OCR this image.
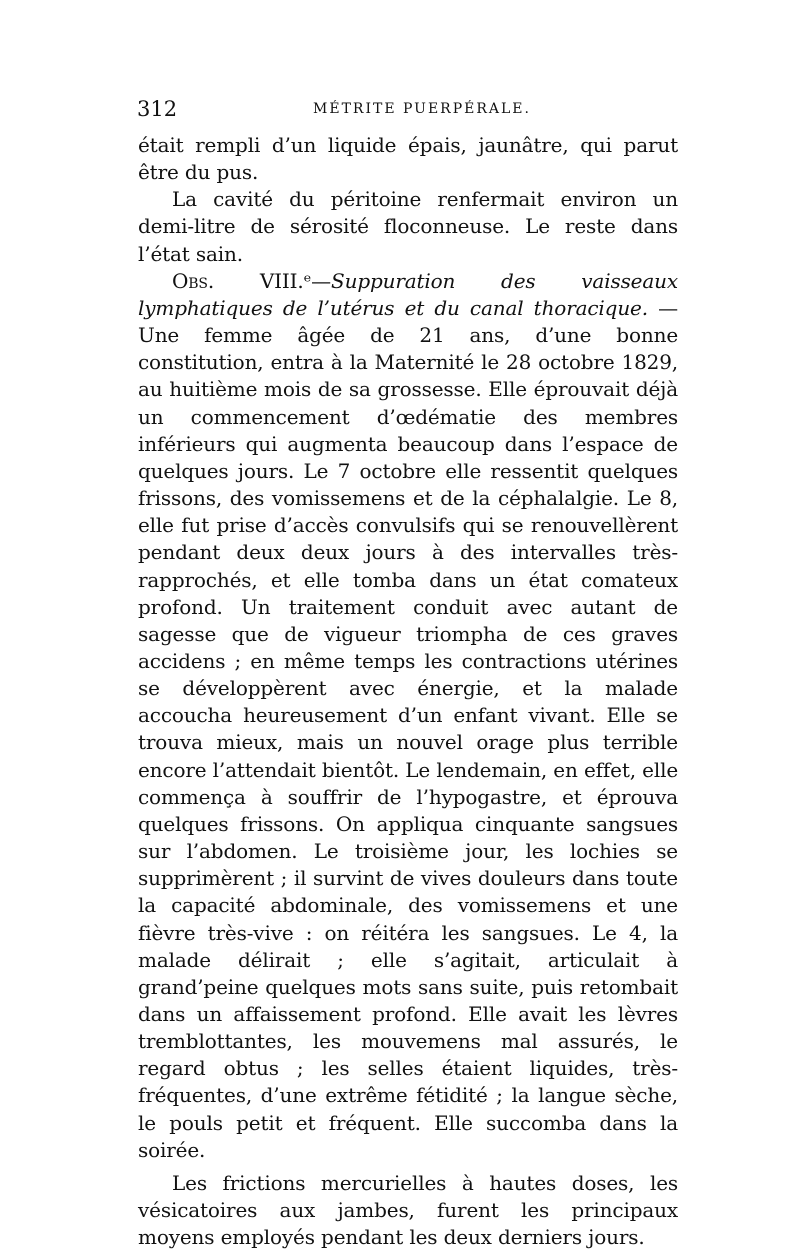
312	MÉTRITE PUERPÉRALE.

était rempli d’un liquide épais, jaunâtre, qui parut être du pus.

La cavité du péritoine renfermait environ un demi-litre de sérosité floconneuse. Le reste dans l’état sain.

Obs. VIII.ᵉ—Suppuration des vaisseaux lymphatiques de l’utérus et du canal thoracique. — Une femme âgée de 21 ans, d’une bonne constitution, entra à la Maternité le 28 octobre 1829, au huitième mois de sa grossesse. Elle éprouvait déjà un commencement d’œdématie des membres inférieurs qui augmenta beaucoup dans l’espace de quelques jours. Le 7 octobre elle ressentit quelques frissons, des vomissemens et de la céphalalgie. Le 8, elle fut prise d’accès convulsifs qui se renouvellèrent pendant deux deux jours à des intervalles très-rapprochés, et elle tomba dans un état comateux profond. Un traitement conduit avec autant de sagesse que de vigueur triompha de ces graves accidens ; en même temps les contractions utérines se développèrent avec énergie, et la malade accoucha heureusement d’un enfant vivant. Elle se trouva mieux, mais un nouvel orage plus terrible encore l’attendait bientôt. Le lendemain, en effet, elle commença à souffrir de l’hypogastre, et éprouva quelques frissons. On appliqua cinquante sangsues sur l’abdomen. Le troisième jour, les lochies se supprimèrent ; il survint de vives douleurs dans toute la capacité abdominale, des vomissemens et une fièvre très-vive : on réitéra les sangsues. Le 4, la malade délirait ; elle s’agitait, articulait à grand’peine quelques mots sans suite, puis retombait dans un affaissement profond. Elle avait les lèvres tremblottantes, les mouvemens mal assurés, le regard obtus ; les selles étaient liquides, très-fréquentes, d’une extrême fétidité ; la langue sèche, le pouls petit et fréquent. Elle succomba dans la soirée.

Les frictions mercurielles à hautes doses, les vésicatoires aux jambes, furent les principaux moyens employés pendant les deux derniers jours.
